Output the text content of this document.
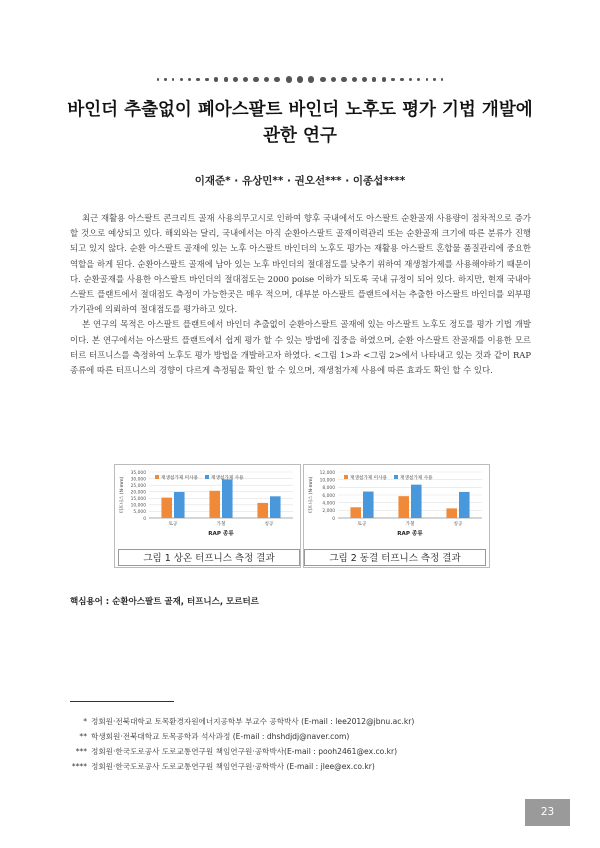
바인더 추출없이 폐아스팔트 바인더 노후도 평가 기법 개발에
관한 연구
이재준* · 유상민** · 권오선*** · 이종섭****

최근 재활용 아스팔트 콘크리트 골재 사용의무고시로 인하여 향후 국내에서도 아스팔트 순환골재 사용량이 점차적으로 증가할 것으로 예상되고 있다. 해외와는 달리, 국내에서는 아직 순환아스팔트 골재이력관리 또는 순환골재 크기에 따른 분류가 진행되고 있지 않다. 순환 아스팔트 골재에 있는 노후 아스팔트 바인더의 노후도 평가는 재활용 아스팔트 혼합물 품질관리에 중요한 역할을 하게 된다. 순환아스팔트 골재에 남아 있는 노후 바인더의 절대점도를 낮추기 위하여 재생첨가제를 사용해야하기 때문이다. 순환골재를 사용한 아스팔트 바인더의 절대점도는 2000 poise 이하가 되도록 국내 규정이 되어 있다. 하지만, 현재 국내아스팔트 플랜트에서 절대점도 측정이 가능한곳은 매우 적으며, 대부분 아스팔트 플랜트에서는 추출한 아스팔트 바인더를 외부평가기관에 의뢰하여 절대점도를 평가하고 있다.

본 연구의 목적은 아스팔트 플랜트에서 바인더 추출없이 순환아스팔트 골재에 있는 아스팔트 노후도 정도를 평가 기법 개발이다. 본 연구에서는 아스팔트 플랜트에서 쉽게 평가 할 수 있는 방법에 집중을 하였으며, 순환 아스팔트 잔골재를 이용한 모르터르 터프니스를 측정하여 노후도 평가 방법을 개발하고자 하였다. <그림 1>과 <그림 2>에서 나타내고 있는 것과 같이 RAP 종류에 따른 터프니스의 경향이 다르게 측정됨을 확인 할 수 있으며, 재생첨가제 사용에 따른 효과도 확인 할 수 있다.

35,000
30,000
25,000
20,000
15,000
10,000
5,000
0
터프니스 (N-mm)
토공	가철	칭공
RAP 종류
재생첨가제 미사용	재생첨가제 사용
12,000
10,000
8,000
6,000
4,000
2,000
0
터프니스 (N-mm)
토공	가철	칭공
RAP 종류
재생첨가제 미사용	재생첨가제 사용
그림 1 상온 터프니스 측정 결과	그림 2 동결 터프니스 측정 결과
핵심용어 : 순환아스팔트 골재, 터프니스, 모르터르
* 정회원·전북대학교 토목환경자원에너지공학부 부교수 공학박사 (E-mail : lee2012@jbnu.ac.kr)
** 학생회원·전북대학교 토목공학과 석사과정 (E-mail : dhshdjdj@naver.com)
*** 정회원·한국도로공사 도로교통연구원 책임연구원·공학박사(E-mail : pooh2461@ex.co.kr)
**** 정회원·한국도로공사 도로교통연구원 책임연구원·공학박사 (E-mail : jlee@ex.co.kr)
23
